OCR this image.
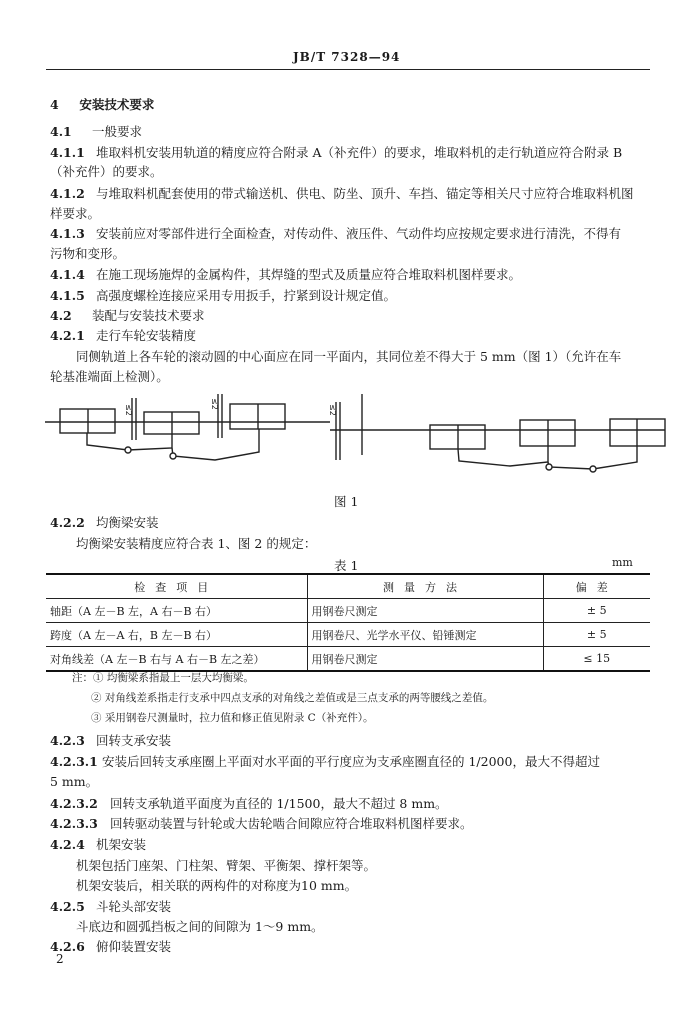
JB/T 7328—94
4 安装技术要求
4.1 一般要求
4.1.1 堆取料机安装用轨道的精度应符合附录 A（补充件）的要求，堆取料机的走行轨道应符合附录 B
（补充件）的要求。
4.1.2 与堆取料机配套使用的带式输送机、供电、防坐、顶升、车挡、锚定等相关尺寸应符合堆取料机图
样要求。
4.1.3 安装前应对零部件进行全面检查，对传动件、液压件、气动件均应按规定要求进行清洗，不得有
污物和变形。
4.1.4 在施工现场施焊的金属构件，其焊缝的型式及质量应符合堆取料机图样要求。
4.1.5 高强度螺栓连接应采用专用扳手，拧紧到设计规定值。
4.2 装配与安装技术要求
4.2.1 走行车轮安装精度
同侧轨道上各车轮的滚动圆的中心面应在同一平面内，其同位差不得大于 5 mm（图 1）（允许在车
轮基准端面上检测）。
≤2
≤2
≤2
图 1
4.2.2 均衡梁安装
均衡梁安装精度应符合表 1、图 2 的规定：
表 1	mm
检查项目	测量方法	偏差
轴距（A 左－B 左，A 右－B 右）	用钢卷尺测定	± 5
跨度（A 左－A 右，B 左－B 右）	用钢卷尺、光学水平仪、铅锤测定	± 5
对角线差（A 左－B 右与 A 右－B 左之差）	用钢卷尺测定	≤ 15
注：① 均衡梁系指最上一层大均衡梁。
② 对角线差系指走行支承中四点支承的对角线之差值或是三点支承的两等腰线之差值。
③ 采用钢卷尺测量时，拉力值和修正值见附录 C（补充件）。
4.2.3 回转支承安装
4.2.3.1 安装后回转支承座圈上平面对水平面的平行度应为支承座圈直径的 1/2000，最大不得超过
5 mm。
4.2.3.2 回转支承轨道平面度为直径的 1/1500，最大不超过 8 mm。
4.2.3.3 回转驱动装置与针轮或大齿轮啮合间隙应符合堆取料机图样要求。
4.2.4 机架安装
机架包括门座架、门柱架、臂架、平衡架、撑杆架等。
机架安装后，相关联的两构件的对称度为10 mm。
4.2.5 斗轮头部安装
斗底边和圆弧挡板之间的间隙为 1～9 mm。
4.2.6 俯仰装置安装
2
